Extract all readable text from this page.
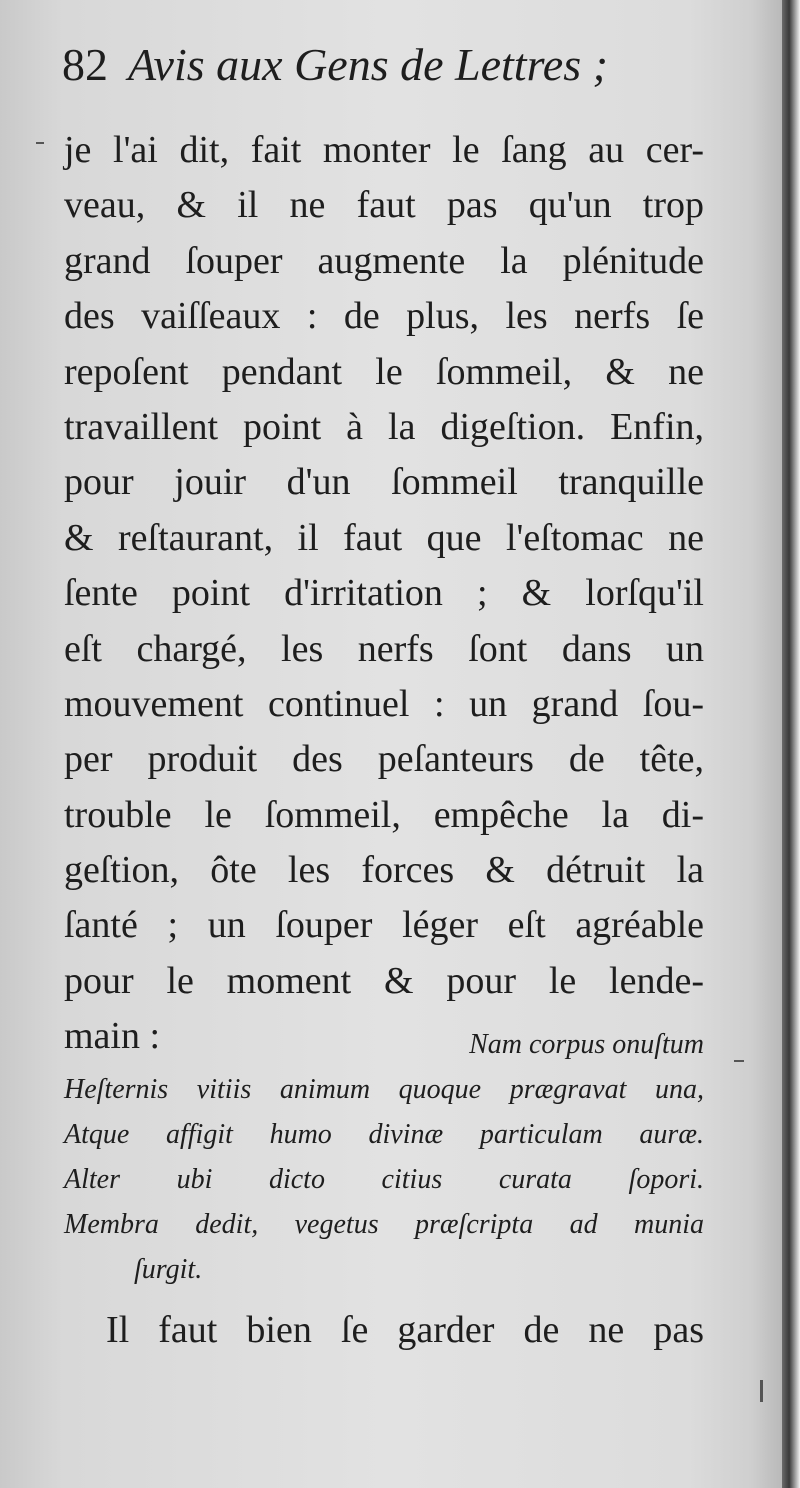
82 Avis aux Gens de Lettres ;
je l'ai dit, fait monter le ſang au cer-
veau, & il ne faut pas qu'un trop
grand ſouper augmente la plénitude
des vaiſſeaux : de plus, les nerfs ſe
repoſent pendant le ſommeil, & ne
travaillent point à la digeſtion. Enfin,
pour jouir d'un ſommeil tranquille
& reſtaurant, il faut que l'eſtomac ne
ſente point d'irritation ; & lorſqu'il
eſt chargé, les nerfs ſont dans un
mouvement continuel : un grand ſou-
per produit des peſanteurs de tête,
trouble le ſommeil, empêche la di-
geſtion, ôte les forces & détruit la
ſanté ; un ſouper léger eſt agréable
pour le moment & pour le lende-
main :	Nam corpus onuſtum
Heſternis vitiis animum quoque prægravat una,
Atque affigit humo divinæ particulam auræ.
Alter ubi dicto citius curata ſopori.
Membra dedit, vegetus præſcripta ad munia
ſurgit.
Il faut bien ſe garder de ne pas
